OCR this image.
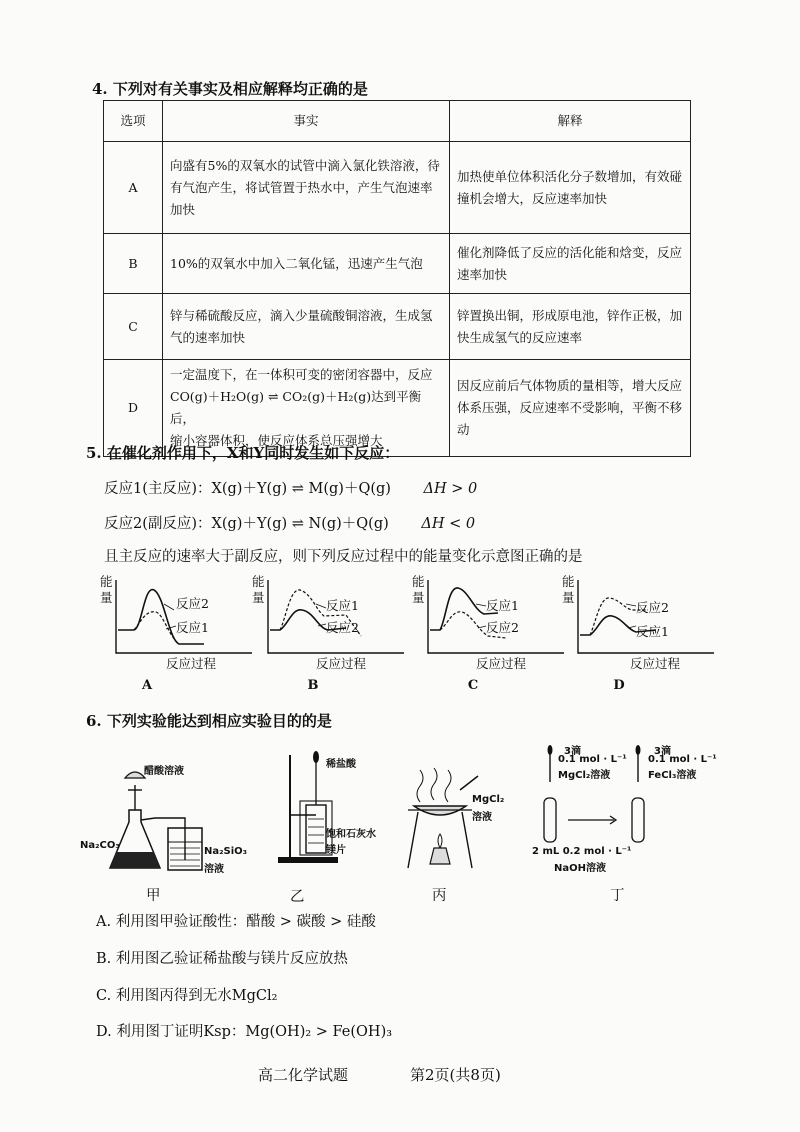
4. 下列对有关事实及相应解释均正确的是
选项	事实	解释
A	向盛有5%的双氧水的试管中滴入氯化铁溶液，待有气泡产生，将试管置于热水中，产生气泡速率加快	加热使单位体积活化分子数增加，有效碰撞机会增大，反应速率加快
B	10%的双氧水中加入二氧化锰，迅速产生气泡	催化剂降低了反应的活化能和焓变，反应速率加快
C	锌与稀硫酸反应，滴入少量硫酸铜溶液，生成氢气的速率加快	锌置换出铜，形成原电池，锌作正极，加快生成氢气的反应速率
D	一定温度下，在一体积可变的密闭容器中，反应
CO(g)＋H₂O(g) ⇌ CO₂(g)＋H₂(g)达到平衡后，
缩小容器体积，使反应体系总压强增大	因反应前后气体物质的量相等，增大反应体系压强，反应速率不受影响，平衡不移动
5. 在催化剂作用下，X和Y同时发生如下反应：
反应1(主反应)：X(g)＋Y(g) ⇌ M(g)＋Q(g) ΔH > 0
反应2(副反应)：X(g)＋Y(g) ⇌ N(g)＋Q(g) ΔH < 0
且主反应的速率大于副反应，则下列反应过程中的能量变化示意图正确的是
能
量	反应2
反应1
反应过程
A
能
量
反应1
反应2
反应过程
B
能
量
反应1
反应2
反应过程
C
能
量
反应2
反应1
反应过程
D
6. 下列实验能达到相应实验目的的是
醋酸溶液
Na₂CO₃
Na₂SiO₃
溶液
甲
稀盐酸
饱和石灰水
镁片
乙
MgCl₂
溶液
丙
3滴
0.1 mol · L⁻¹
MgCl₂溶液
3滴
0.1 mol · L⁻¹
FeCl₃溶液
2 mL 0.2 mol · L⁻¹
NaOH溶液
丁
A. 利用图甲验证酸性：醋酸 > 碳酸 > 硅酸
B. 利用图乙验证稀盐酸与镁片反应放热
C. 利用图丙得到无水MgCl₂
D. 利用图丁证明Ksp：Mg(OH)₂ > Fe(OH)₃
高二化学试题	第2页(共8页)
